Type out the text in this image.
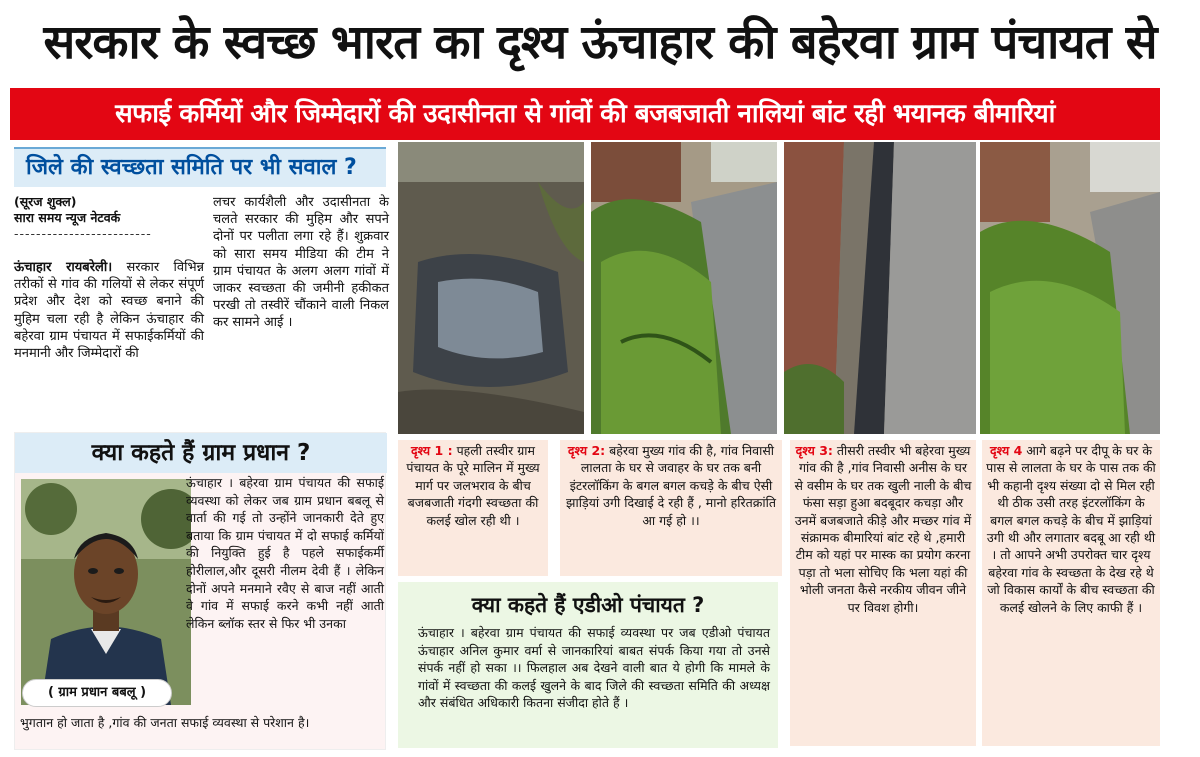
सरकार के स्वच्छ भारत का दृश्य ऊंचाहार की बहेरवा ग्राम पंचायत से
सफाई कर्मियों और जिम्मेदारों की उदासीनता से गांवों की बजबजाती नालियां बांट रही भयानक बीमारियां
जिले की स्वच्छता समिति पर भी सवाल ?
(सूरज शुक्ल)
सारा समय न्यूज नेटवर्क
-------------------------
ऊंचाहार रायबरेली। सरकार विभिन्न तरीकों से गांव की गलियों से लेकर संपूर्ण प्रदेश और देश को स्वच्छ बनाने की मुहिम चला रही है लेकिन ऊंचाहार की बहेरवा ग्राम पंचायत में सफाईकर्मियों की मनमानी और जिम्मेदारों की
लचर कार्यशैली और उदासीनता के चलते सरकार की मुहिम और सपने दोनों पर पलीता लगा रहे हैं। शुक्रवार को सारा समय मीडिया की टीम ने ग्राम पंचायत के अलग अलग गांवों में जाकर स्वच्छता की जमीनी हकीकत परखी तो तस्वीरें चौंकाने वाली निकल कर सामने आई ।
क्या कहते हैं ग्राम प्रधान ?
( ग्राम प्रधान बबलू )
ऊंचाहार । बहेरवा ग्राम पंचायत की सफाई व्यवस्था को लेकर जब ग्राम प्रधान बबलू से वार्ता की गई तो उन्होंने जानकारी देते हुए बताया कि ग्राम पंचायत में दो सफाई कर्मियों की नियुक्ति हुई है पहले सफाईकर्मी होरीलाल,और दूसरी नीलम देवी हैं । लेकिन दोनों अपने मनमाने रवैए से बाज नहीं आती वे गांव में सफाई करने कभी नहीं आती लेकिन ब्लॉक स्तर से फिर भी उनका
भुगतान हो जाता है ,गांव की जनता सफाई व्यवस्था से परेशान है।
दृश्य 1 : पहली तस्वीर ग्राम पंचायत के पूरे मालिन में मुख्य मार्ग पर जलभराव के बीच बजबजाती गंदगी स्वच्छता की कलई खोल रही थी ।
दृश्य 2: बहेरवा मुख्य गांव की है, गांव निवासी लालता के घर से जवाहर के घर तक बनी इंटरलॉकिंग के बगल बगल कचड़े के बीच ऐसी झाड़ियां उगी दिखाई दे रही हैं , मानो हरितक्रांति आ गई हो ।।
दृश्य 3: तीसरी तस्वीर भी बहेरवा मुख्य गांव की है ,गांव निवासी अनीस के घर से वसीम के घर तक खुली नाली के बीच फंसा सड़ा हुआ बदबूदार कचड़ा और उनमें बजबजाते कीड़े और मच्छर गांव में संक्रामक बीमारियां बांट रहे थे ,हमारी टीम को यहां पर मास्क का प्रयोग करना पड़ा तो भला सोचिए कि भला यहां की भोली जनता कैसे नरकीय जीवन जीने पर विवश होगी।
दृश्य 4 आगे बढ़ने पर दीपू के घर के पास से लालता के घर के पास तक की भी कहानी दृश्य संख्या दो से मिल रही थी ठीक उसी तरह इंटरलॉकिंग के बगल बगल कचड़े के बीच में झाड़ियां उगी थी और लगातार बदबू आ रही थी । तो आपने अभी उपरोक्त चार दृश्य बहेरवा गांव के स्वच्छता के देख रहे थे जो विकास कार्यों के बीच स्वच्छता की कलई खोलने के लिए काफी हैं ।
क्या कहते हैं एडीओ पंचायत ?
ऊंचाहार । बहेरवा ग्राम पंचायत की सफाई व्यवस्था पर जब एडीओ पंचायत ऊंचाहार अनिल कुमार वर्मा से जानकारियां बाबत संपर्क किया गया तो उनसे संपर्क नहीं हो सका ।। फिलहाल अब देखने वाली बात ये होगी कि मामले के गांवों में स्वच्छता की कलई खुलने के बाद जिले की स्वच्छता समिति की अध्यक्ष और संबंधित अधिकारी कितना संजीदा होते हैं ।
